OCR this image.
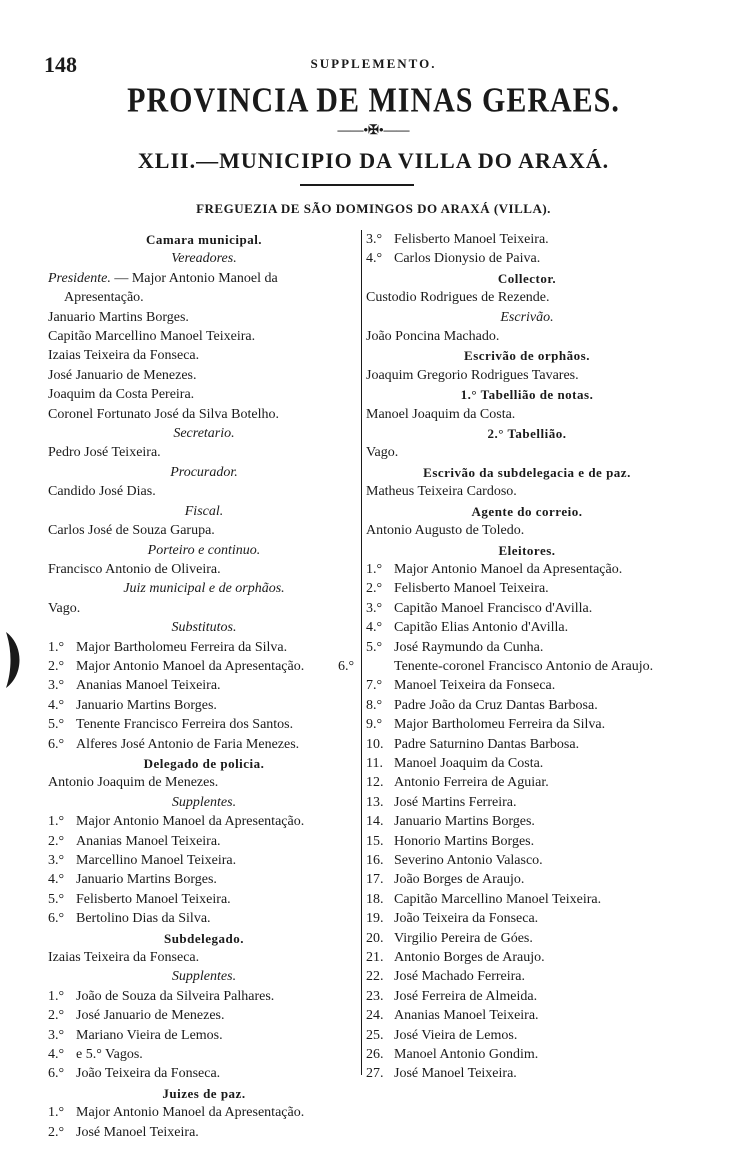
148	SUPPLEMENTO.
PROVINCIA DE MINAS GERAES.
——•✠•——
XLII.—MUNICIPIO DA VILLA DO ARAXÁ.
FREGUEZIA DE SÃO DOMINGOS DO ARAXÁ (VILLA).
Camara municipal.
Vereadores.
Presidente. — Major Antonio Manoel da Apresentação.
Januario Martins Borges.
Capitão Marcellino Manoel Teixeira.
Izaias Teixeira da Fonseca.
José Januario de Menezes.
Joaquim da Costa Pereira.
Coronel Fortunato José da Silva Botelho.
Secretario.
Pedro José Teixeira.
Procurador.
Candido José Dias.
Fiscal.
Carlos José de Souza Garupa.
Porteiro e continuo.
Francisco Antonio de Oliveira.
Juiz municipal e de orphãos.
Vago.
Substitutos.
1.° Major Bartholomeu Ferreira da Silva.
2.° Major Antonio Manoel da Apresentação.
3.° Ananias Manoel Teixeira.
4.° Januario Martins Borges.
5.° Tenente Francisco Ferreira dos Santos.
6.° Alferes José Antonio de Faria Menezes.
Delegado de policia.
Antonio Joaquim de Menezes.
Supplentes.
1.° Major Antonio Manoel da Apresentação.
2.° Ananias Manoel Teixeira.
3.° Marcellino Manoel Teixeira.
4.° Januario Martins Borges.
5.° Felisberto Manoel Teixeira.
6.° Bertolino Dias da Silva.
Subdelegado.
Izaias Teixeira da Fonseca.
Supplentes.
1.° João de Souza da Silveira Palhares.
2.° José Januario de Menezes.
3.° Mariano Vieira de Lemos.
4.° e 5.° Vagos.
6.° João Teixeira da Fonseca.
Juizes de paz.
1.° Major Antonio Manoel da Apresentação.
2.° José Manoel Teixeira.
3.° Felisberto Manoel Teixeira.
4.° Carlos Dionysio de Paiva.
Collector.
Custodio Rodrigues de Rezende.
Escrivão.
João Poncina Machado.
Escrivão de orphãos.
Joaquim Gregorio Rodrigues Tavares.
1.° Tabellião de notas.
Manoel Joaquim da Costa.
2.° Tabellião.
Vago.
Escrivão da subdelegacia e de paz.
Matheus Teixeira Cardoso.
Agente do correio.
Antonio Augusto de Toledo.
Eleitores.
1.° Major Antonio Manoel da Apresentação.
2.° Felisberto Manoel Teixeira.
3.° Capitão Manoel Francisco d'Avilla.
4.° Capitão Elias Antonio d'Avilla.
5.° José Raymundo da Cunha.
6.°	Tenente-coronel Francisco Antonio de Araujo.
7.° Manoel Teixeira da Fonseca.
8.° Padre João da Cruz Dantas Barbosa.
9.° Major Bartholomeu Ferreira da Silva.
10. Padre Saturnino Dantas Barbosa.
11. Manoel Joaquim da Costa.
12. Antonio Ferreira de Aguiar.
13. José Martins Ferreira.
14. Januario Martins Borges.
15. Honorio Martins Borges.
16. Severino Antonio Valasco.
17. João Borges de Araujo.
18. Capitão Marcellino Manoel Teixeira.
19. João Teixeira da Fonseca.
20. Virgilio Pereira de Góes.
21. Antonio Borges de Araujo.
22. José Machado Ferreira.
23. José Ferreira de Almeida.
24. Ananias Manoel Teixeira.
25. José Vieira de Lemos.
26. Manoel Antonio Gondim.
27. José Manoel Teixeira.
